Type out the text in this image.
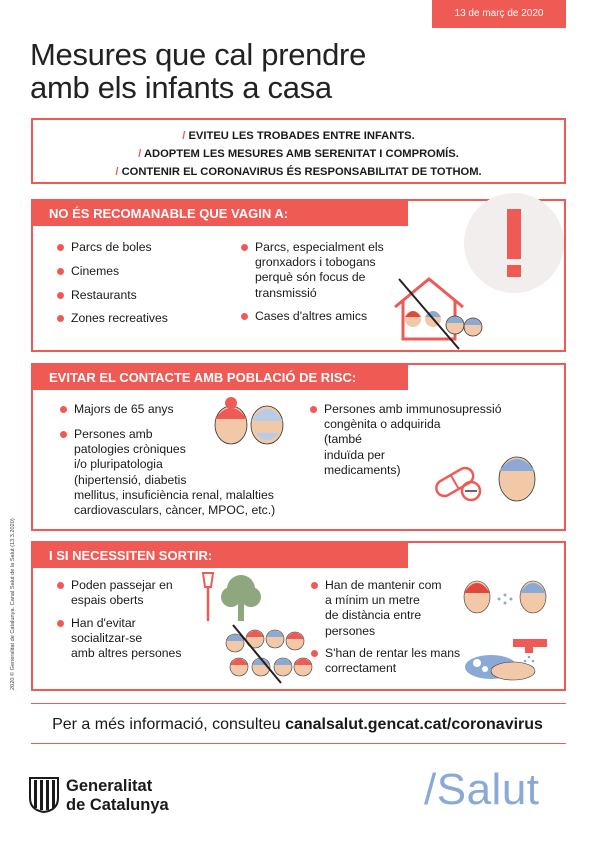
13 de març de 2020
Mesures que cal prendre
amb els infants a casa
/ EVITEU LES TROBADES ENTRE INFANTS.
/ ADOPTEM LES MESURES AMB SERENITAT I COMPROMÍS.
/ CONTENIR EL CORONAVIRUS ÉS RESPONSABILITAT DE TOTHOM.
NO ÉS RECOMANABLE QUE VAGIN A:
Parcs de boles
Cinemes
Restaurants
Zones recreatives
Parcs, especialment els
gronxadors i tobogans
perquè són focus de
transmissió
Cases d'altres amics
EVITAR EL CONTACTE AMB POBLACIÓ DE RISC:
Majors de 65 anys
Persones amb
patologies cròniques
i/o pluripatologia
(hipertensió, diabetis
mellitus, insuficiència renal, malalties
cardiovasculars, càncer, MPOC, etc.)
Persones amb immunosupressió
congènita o adquirida
(també
induïda per
medicaments)
I SI NECESSITEN SORTIR:
Poden passejar en
espais oberts
Han d'evitar
socialitzar-se
amb altres persones
Han de mantenir com
a mínim un metre
de distància entre
persones
S'han de rentar les mans
correctament
Per a més informació, consulteu canalsalut.gencat.cat/coronavirus
Generalitat
de Catalunya	/Salut
2020 © Generalitat de Catalunya. Canal Salut de la Salut (13.3.2020)
